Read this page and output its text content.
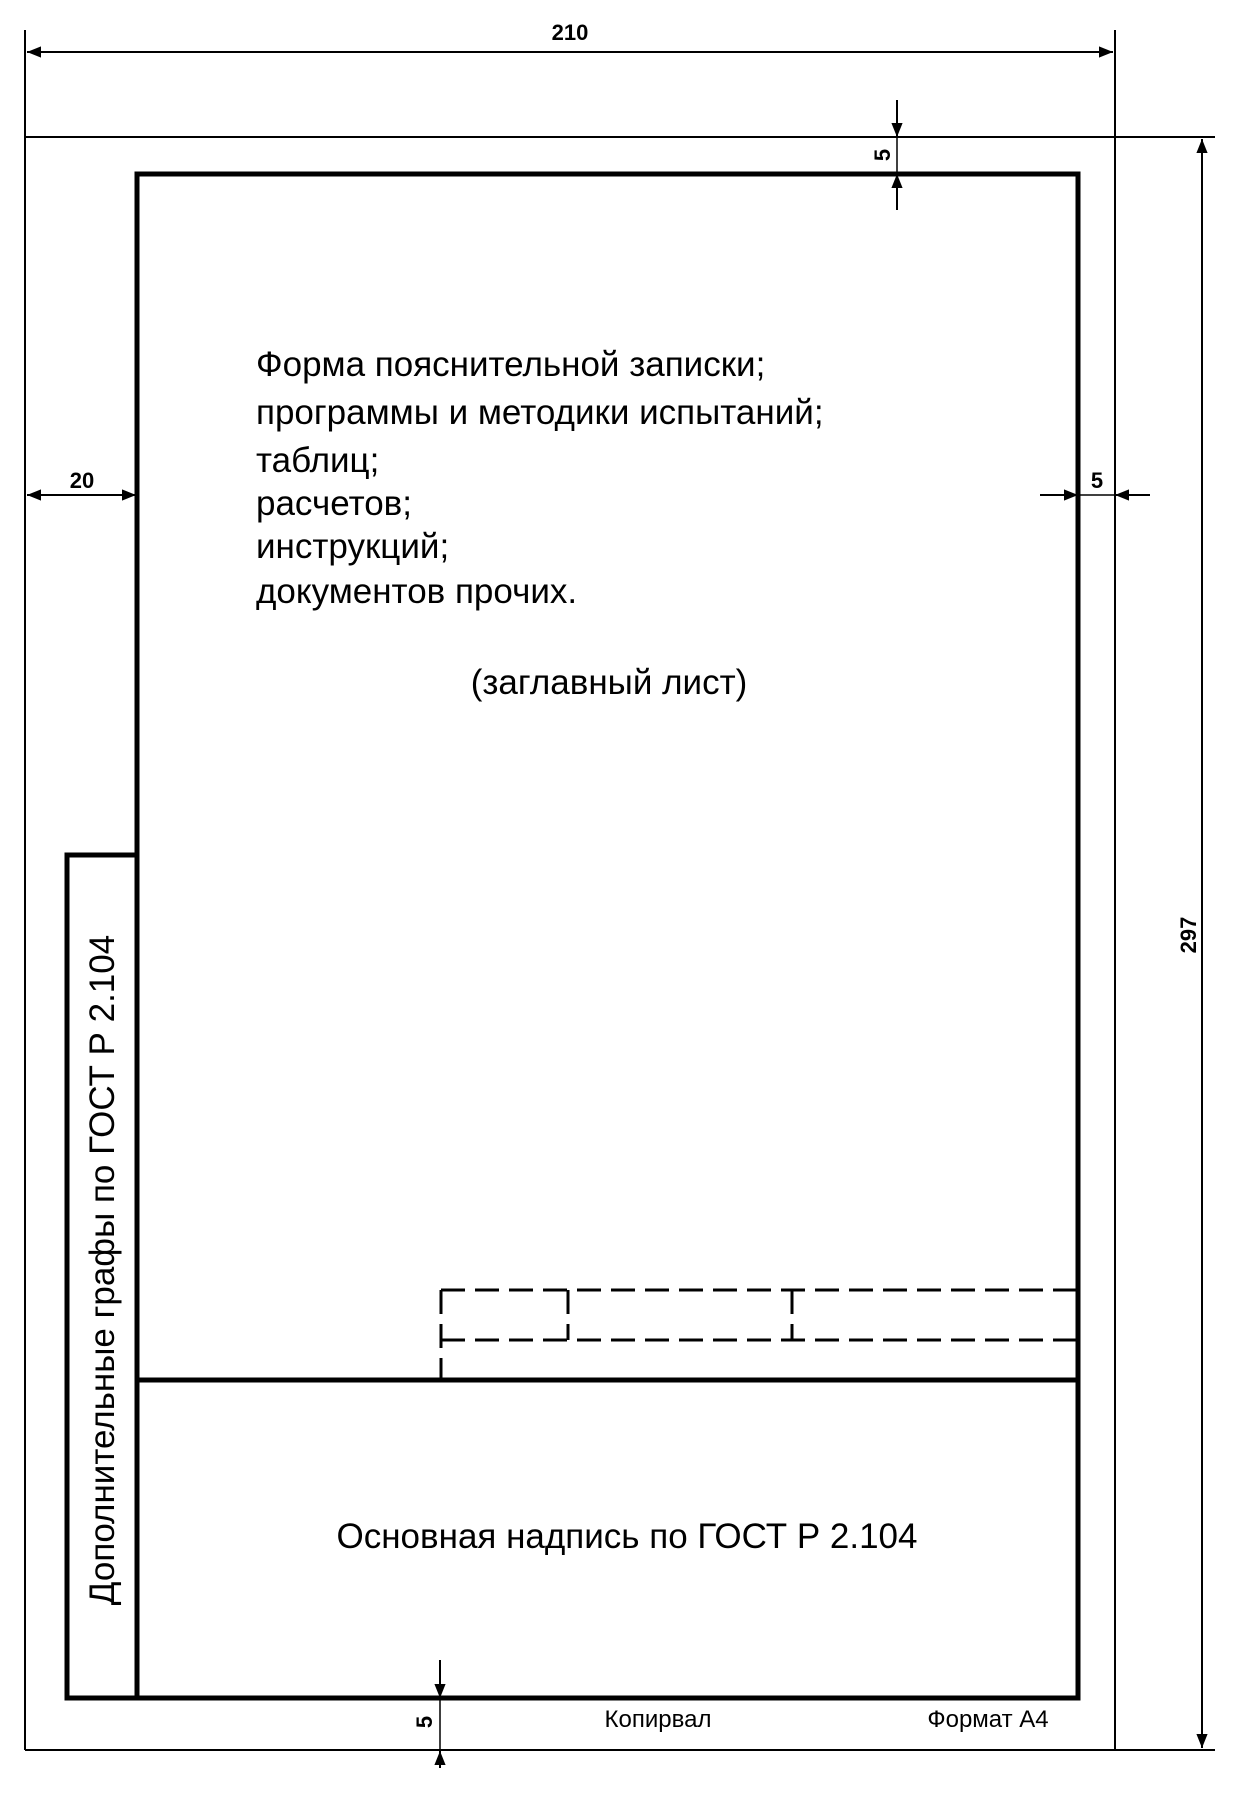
210
297
5
20	5
5
Дополнительные графы по ГОСТ Р 2.104	Основная надпись по ГОСТ Р 2.104
Форма пояснительной записки;
программы и методики испытаний;
таблиц;
расчетов;
инструкций;
документов прочих.
(заглавный лист)
Копирвал	Формат А4
